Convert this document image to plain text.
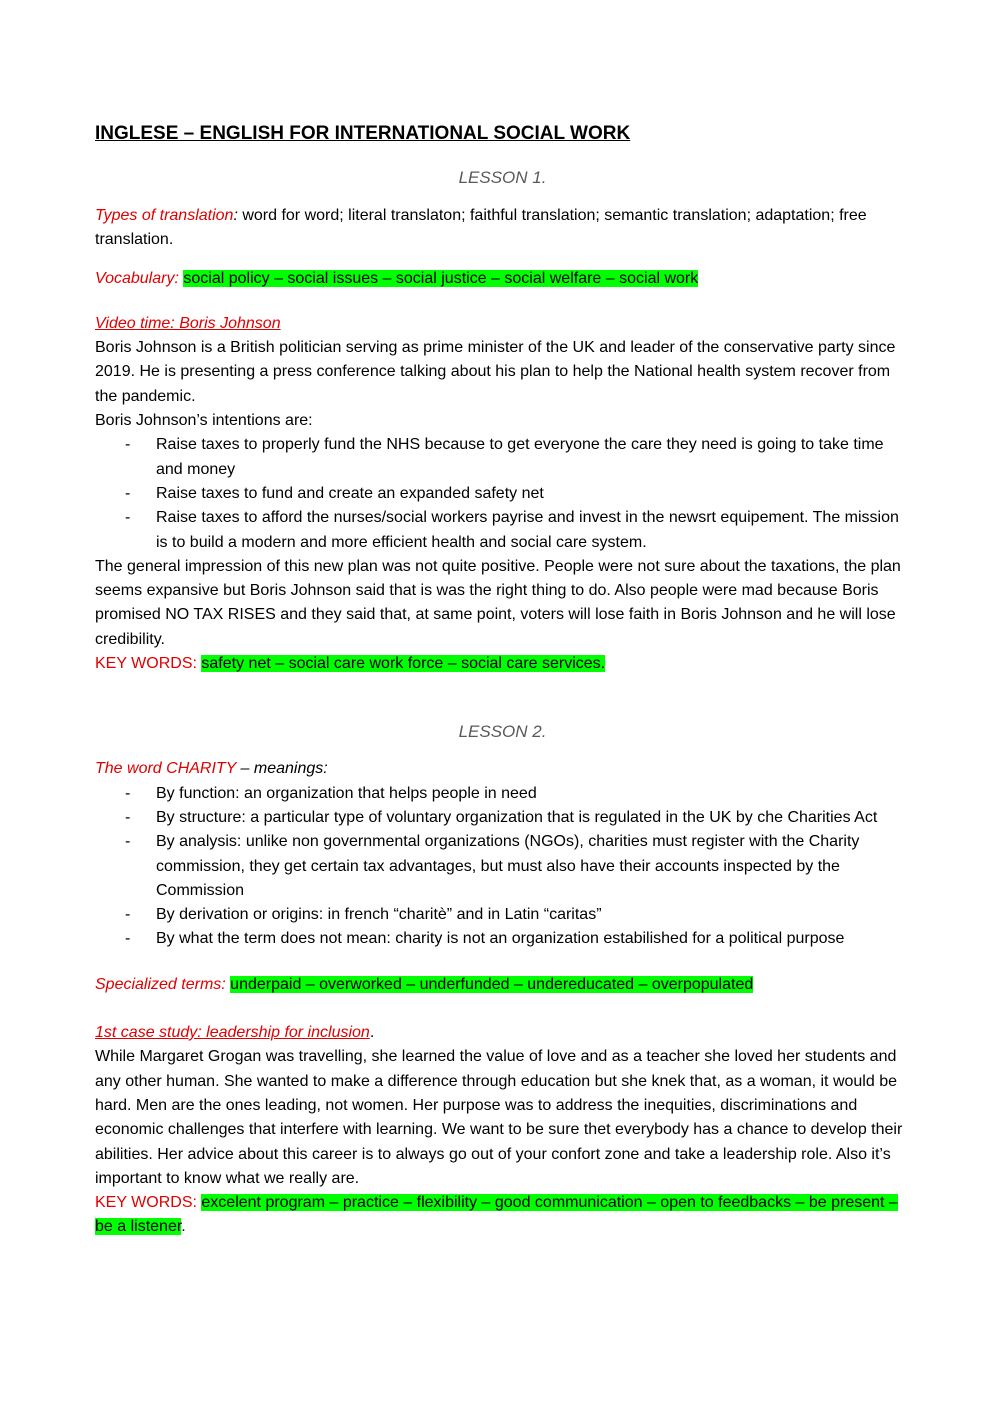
INGLESE – ENGLISH FOR INTERNATIONAL SOCIAL WORK

LESSON 1.

Types of translation: word for word; literal translaton; faithful translation; semantic translation; adaptation; free translation.

Vocabulary: social policy – social issues – social justice – social welfare – social work

Video time: Boris Johnson

Boris Johnson is a British politician serving as prime minister of the UK and leader of the conservative party since 2019. He is presenting a press conference talking about his plan to help the National health system recover from the pandemic.

Boris Johnson’s intentions are:

- Raise taxes to properly fund the NHS because to get everyone the care they need is going to take time and money
- Raise taxes to fund and create an expanded safety net
- Raise taxes to afford the nurses/social workers payrise and invest in the newsrt equipement. The mission is to build a modern and more efficient health and social care system.

The general impression of this new plan was not quite positive. People were not sure about the taxations, the plan seems expansive but Boris Johnson said that is was the right thing to do. Also people were mad because Boris promised NO TAX RISES and they said that, at same point, voters will lose faith in Boris Johnson and he will lose credibility.

KEY WORDS: safety net – social care work force – social care services.

LESSON 2.

The word CHARITY – meanings:

- By function: an organization that helps people in need
- By structure: a particular type of voluntary organization that is regulated in the UK by che Charities Act
- By analysis: unlike non governmental organizations (NGOs), charities must register with the Charity commission, they get certain tax advantages, but must also have their accounts inspected by the Commission
- By derivation or origins: in french “charitè” and in Latin “caritas”
- By what the term does not mean: charity is not an organization estabilished for a political purpose

Specialized terms: underpaid – overworked – underfunded – undereducated – overpopulated

1st case study: leadership for inclusion.

While Margaret Grogan was travelling, she learned the value of love and as a teacher she loved her students and any other human. She wanted to make a difference through education but she knek that, as a woman, it would be hard. Men are the ones leading, not women. Her purpose was to address the inequities, discriminations and economic challenges that interfere with learning. We want to be sure thet everybody has a chance to develop their abilities. Her advice about this career is to always go out of your confort zone and take a leadership role. Also it’s important to know what we really are.

KEY WORDS: excelent program – practice – flexibility – good communication – open to feedbacks – be present – be a listener.
